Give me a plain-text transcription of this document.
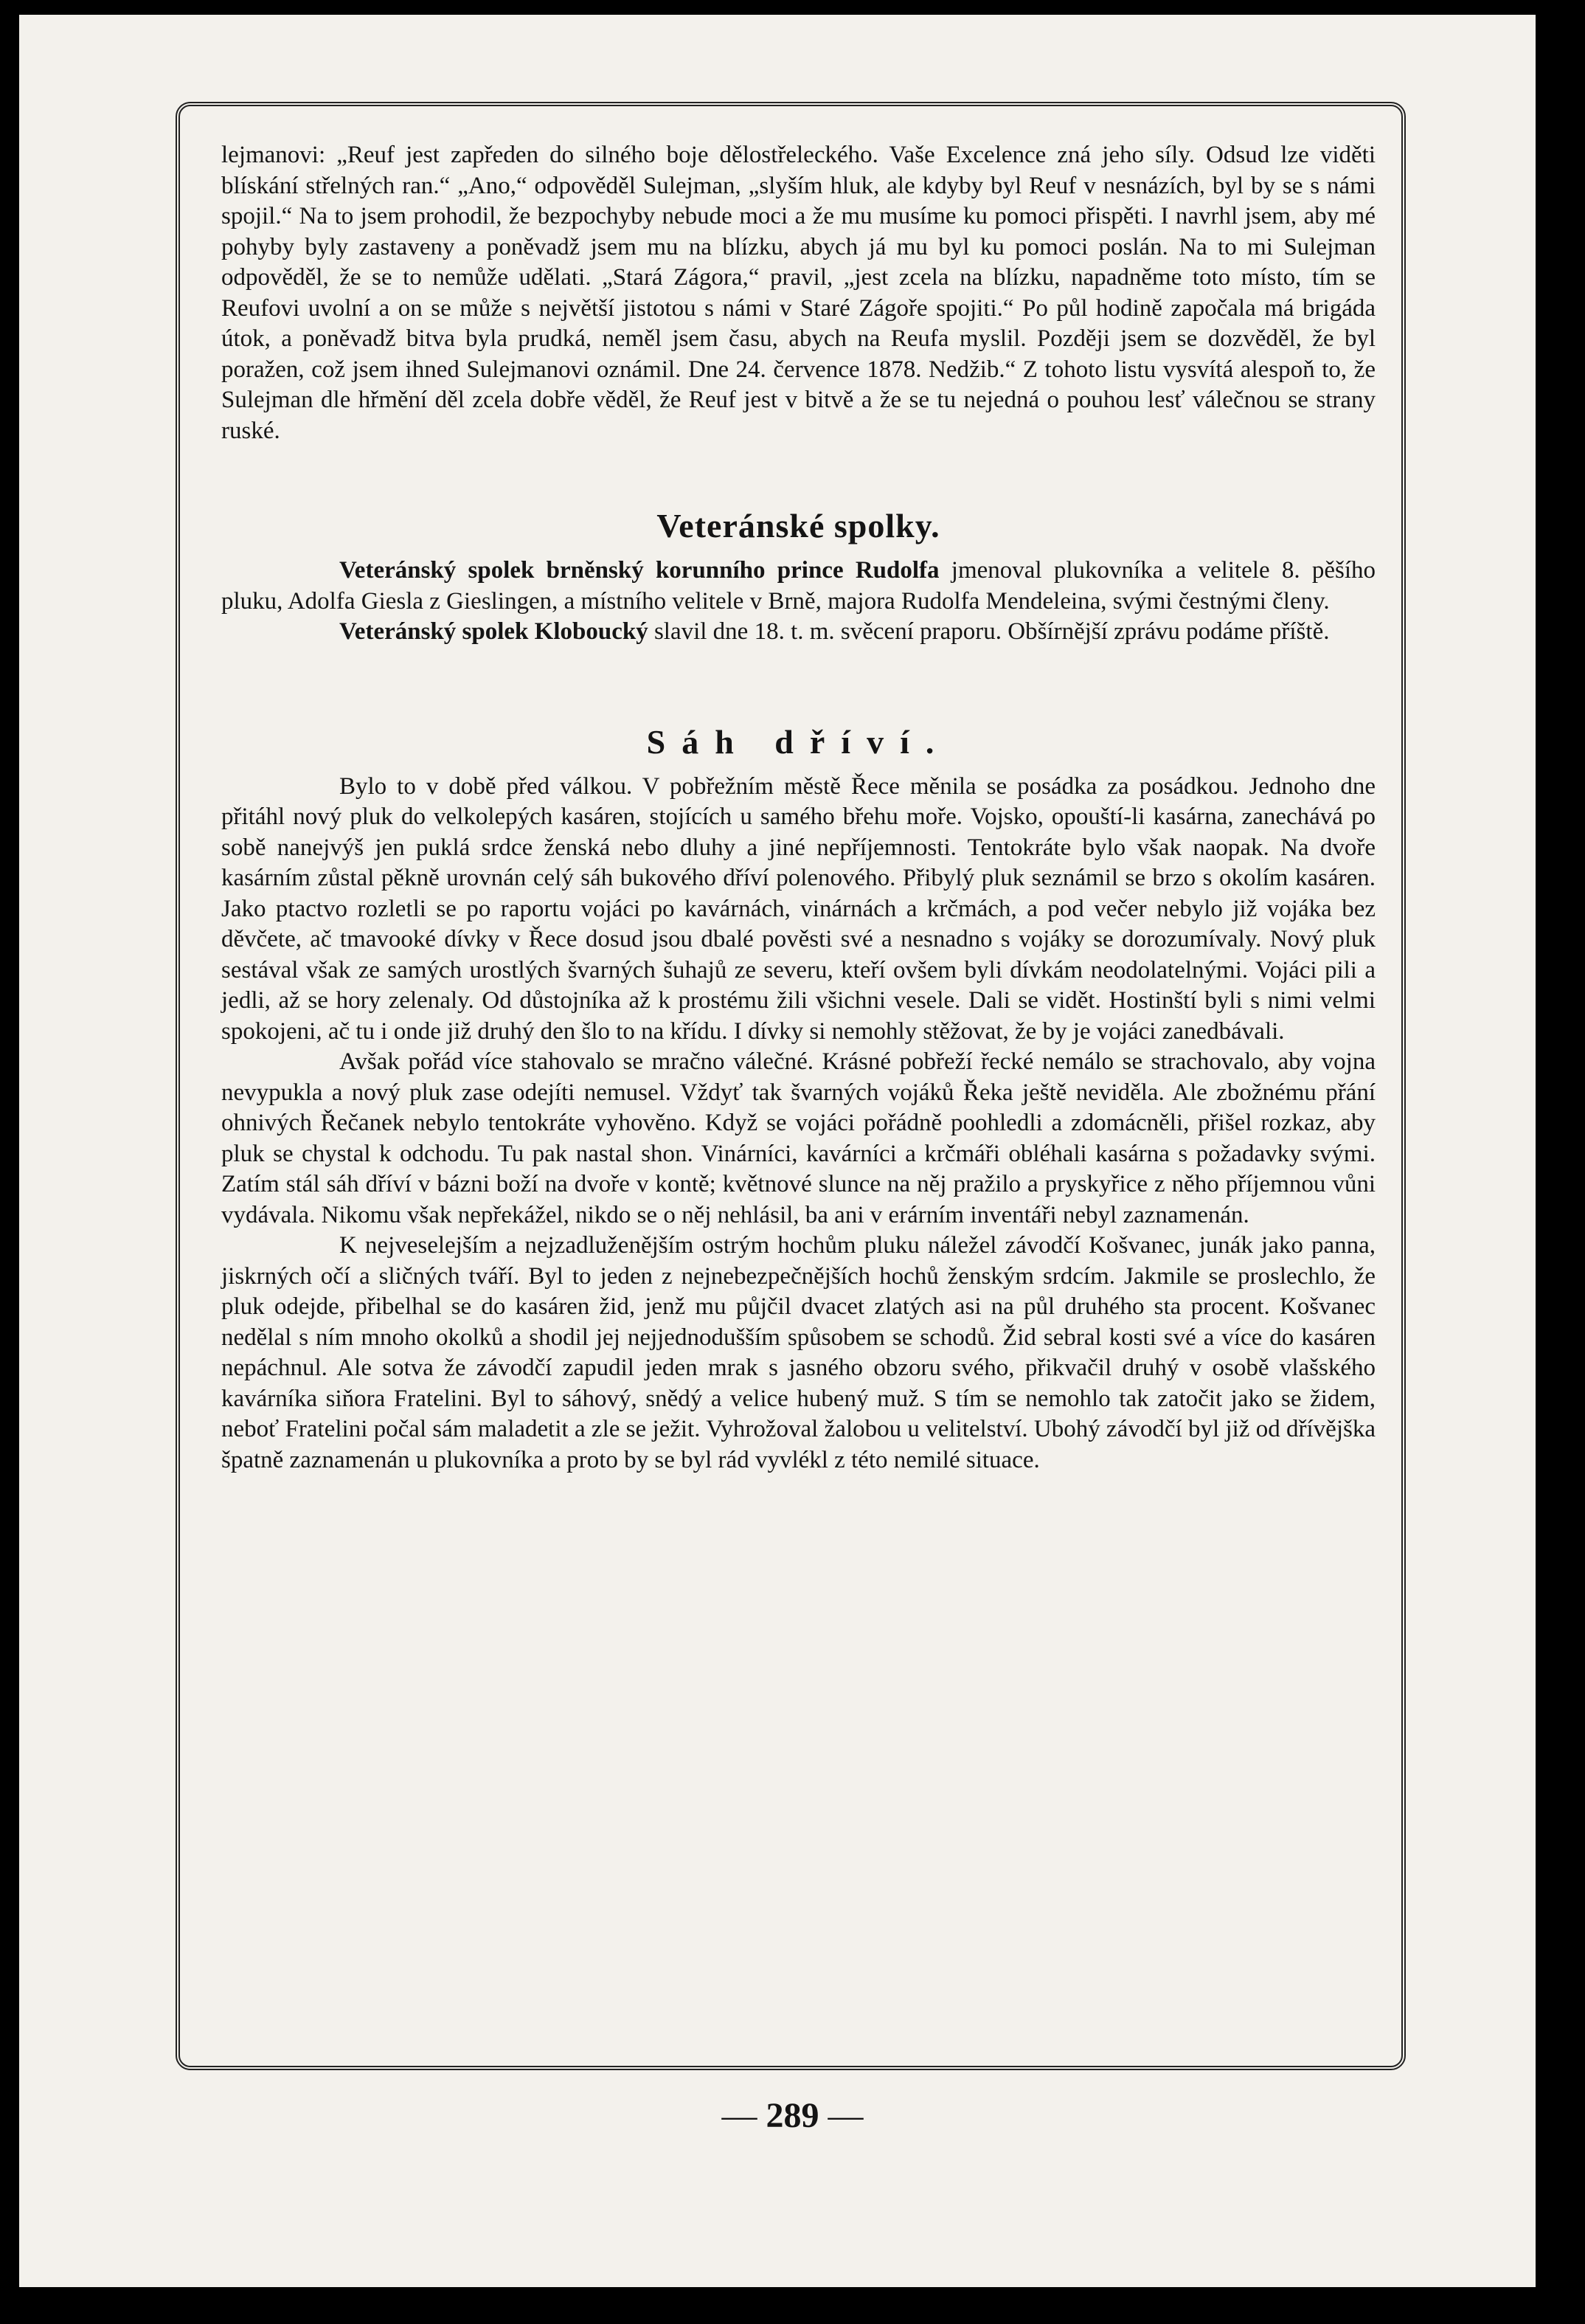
lejmanovi: „Reuf jest zapředen do silného boje dělostřeleckého. Vaše Excelence zná jeho síly. Odsud lze viděti blískání střelných ran.“ „Ano,“ odpověděl Sulejman, „slyším hluk, ale kdyby byl Reuf v nesnázích, byl by se s námi spojil.“ Na to jsem prohodil, že bezpochyby nebude moci a že mu musíme ku pomoci přispěti. I navrhl jsem, aby mé pohyby byly zastaveny a poněvadž jsem mu na blízku, abych já mu byl ku pomoci poslán. Na to mi Sulejman odpověděl, že se to nemůže udělati. „Stará Zágora,“ pravil, „jest zcela na blízku, napadněme toto místo, tím se Reufovi uvolní a on se může s největší jistotou s námi v Staré Zágoře spojiti.“ Po půl hodině započala má brigáda útok, a poněvadž bitva byla prudká, neměl jsem času, abych na Reufa myslil. Později jsem se dozvěděl, že byl poražen, což jsem ihned Sulejmanovi oznámil. Dne 24. července 1878. Nedžib.“ Z tohoto listu vysvítá alespoň to, že Sulejman dle hřmění děl zcela dobře věděl, že Reuf jest v bitvě a že se tu nejedná o pouhou lesť válečnou se strany ruské.

Veteránské spolky.

Veteránský spolek brněnský korunního prince Rudolfa jmenoval plukovníka a velitele 8. pěšího pluku, Adolfa Giesla z Gieslingen, a místního velitele v Brně, majora Rudolfa Mendeleina, svými čestnými členy.

Veteránský spolek Kloboucký slavil dne 18. t. m. svěcení praporu. Obšírnější zprávu podáme příště.

Sáh dříví.

Bylo to v době před válkou. V pobřežním městě Řece měnila se posádka za posádkou. Jednoho dne přitáhl nový pluk do velkolepých kasáren, stojících u samého břehu moře. Vojsko, opouští-li kasárna, zanechává po sobě nanejvýš jen puklá srdce ženská nebo dluhy a jiné nepříjemnosti. Tentokráte bylo však naopak. Na dvoře kasárním zůstal pěkně urovnán celý sáh bukového dříví polenového. Přibylý pluk seznámil se brzo s okolím kasáren. Jako ptactvo rozletli se po raportu vojáci po kavárnách, vinárnách a krčmách, a pod večer nebylo již vojáka bez děvčete, ač tmavooké dívky v Řece dosud jsou dbalé pověsti své a nesnadno s vojáky se dorozumívaly. Nový pluk sestával však ze samých urostlých švarných šuhajů ze severu, kteří ovšem byli dívkám neodolatelnými. Vojáci pili a jedli, až se hory zelenaly. Od důstojníka až k prostému žili všichni vesele. Dali se vidět. Hostinští byli s nimi velmi spokojeni, ač tu i onde již druhý den šlo to na křídu. I dívky si nemohly stěžovat, že by je vojáci zanedbávali.

Avšak pořád více stahovalo se mračno válečné. Krásné pobřeží řecké nemálo se strachovalo, aby vojna nevypukla a nový pluk zase odejíti nemusel. Vždyť tak švarných vojáků Řeka ještě neviděla. Ale zbožnému přání ohnivých Řečanek nebylo tentokráte vyhověno. Když se vojáci pořádně poohledli a zdomácněli, přišel rozkaz, aby pluk se chystal k odchodu. Tu pak nastal shon. Vinárníci, kavárníci a krčmáři obléhali kasárna s požadavky svými. Zatím stál sáh dříví v bázni boží na dvoře v kontě; květnové slunce na něj pražilo a pryskyřice z něho příjemnou vůni vydávala. Nikomu však nepřekážel, nikdo se o něj nehlásil, ba ani v erárním inventáři nebyl zaznamenán.

K nejveselejším a nejzadluženějším ostrým hochům pluku náležel závodčí Košvanec, junák jako panna, jiskrných očí a sličných tváří. Byl to jeden z nejnebezpečnějších hochů ženským srdcím. Jakmile se proslechlo, že pluk odejde, přibelhal se do kasáren žid, jenž mu půjčil dvacet zlatých asi na půl druhého sta procent. Košvanec nedělal s ním mnoho okolků a shodil jej nejjednodušším spůsobem se schodů. Žid sebral kosti své a více do kasáren nepáchnul. Ale sotva že závodčí zapudil jeden mrak s jasného obzoru svého, přikvačil druhý v osobě vlašského kavárníka siňora Fratelini. Byl to sáhový, snědý a velice hubený muž. S tím se nemohlo tak zatočit jako se židem, neboť Fratelini počal sám maladetit a zle se ježit. Vyhrožoval žalobou u velitelství. Ubohý závodčí byl již od dřívějška špatně zaznamenán u plukovníka a proto by se byl rád vyvlékl z této nemilé situace.

— 289 —
